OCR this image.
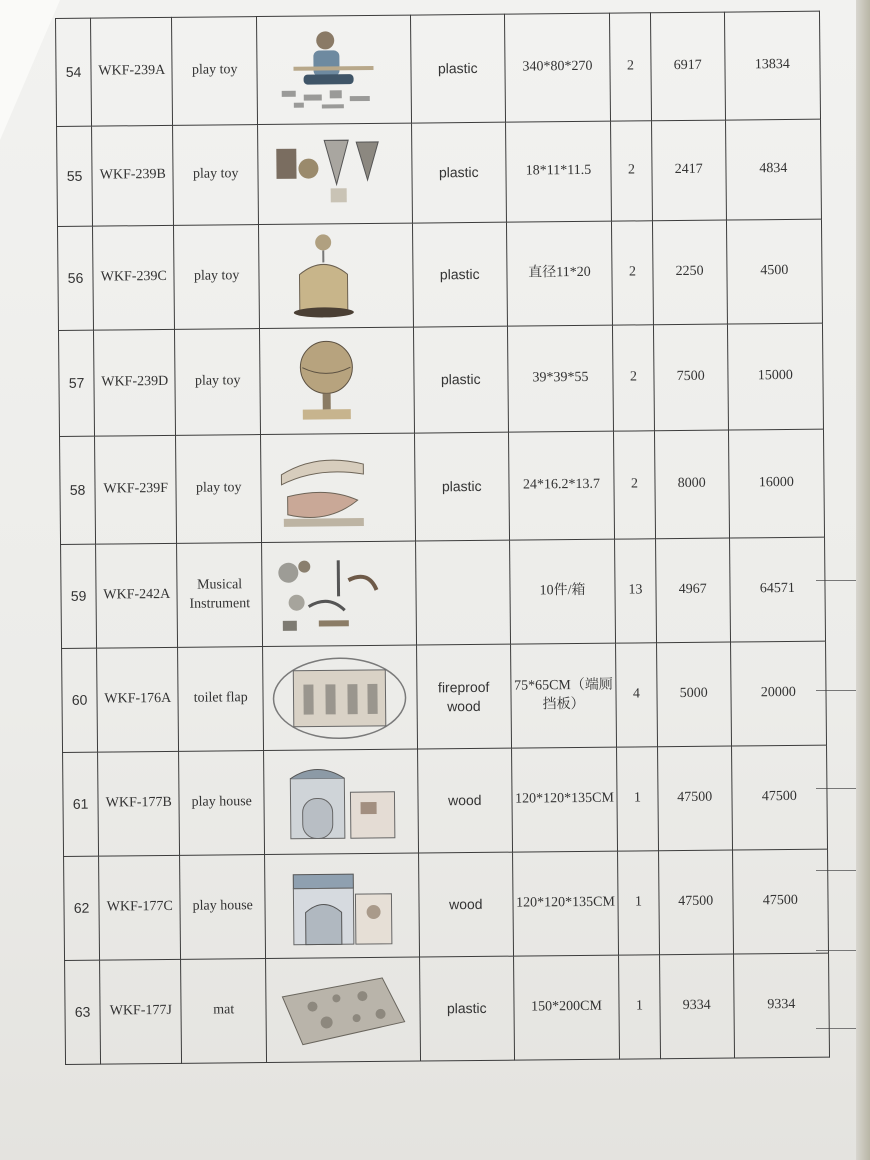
54	WKF-239A	play toy		plastic	340*80*270	2	6917	13834
55	WKF-239B	play toy		plastic	18*11*11.5	2	2417	4834
56	WKF-239C	play toy		plastic	直径11*20	2	2250	4500
57	WKF-239D	play toy		plastic	39*39*55	2	7500	15000
58	WKF-239F	play toy		plastic	24*16.2*13.7	2	8000	16000
59	WKF-242A	Musical Instrument			10件/箱	13	4967	64571
60	WKF-176A	toilet flap		fireproof wood	75*65CM（端厕挡板）	4	5000	20000
61	WKF-177B	play house		wood	120*120*135CM	1	47500	47500
62	WKF-177C	play house		wood	120*120*135CM	1	47500	47500
63	WKF-177J	mat		plastic	150*200CM	1	9334	9334
